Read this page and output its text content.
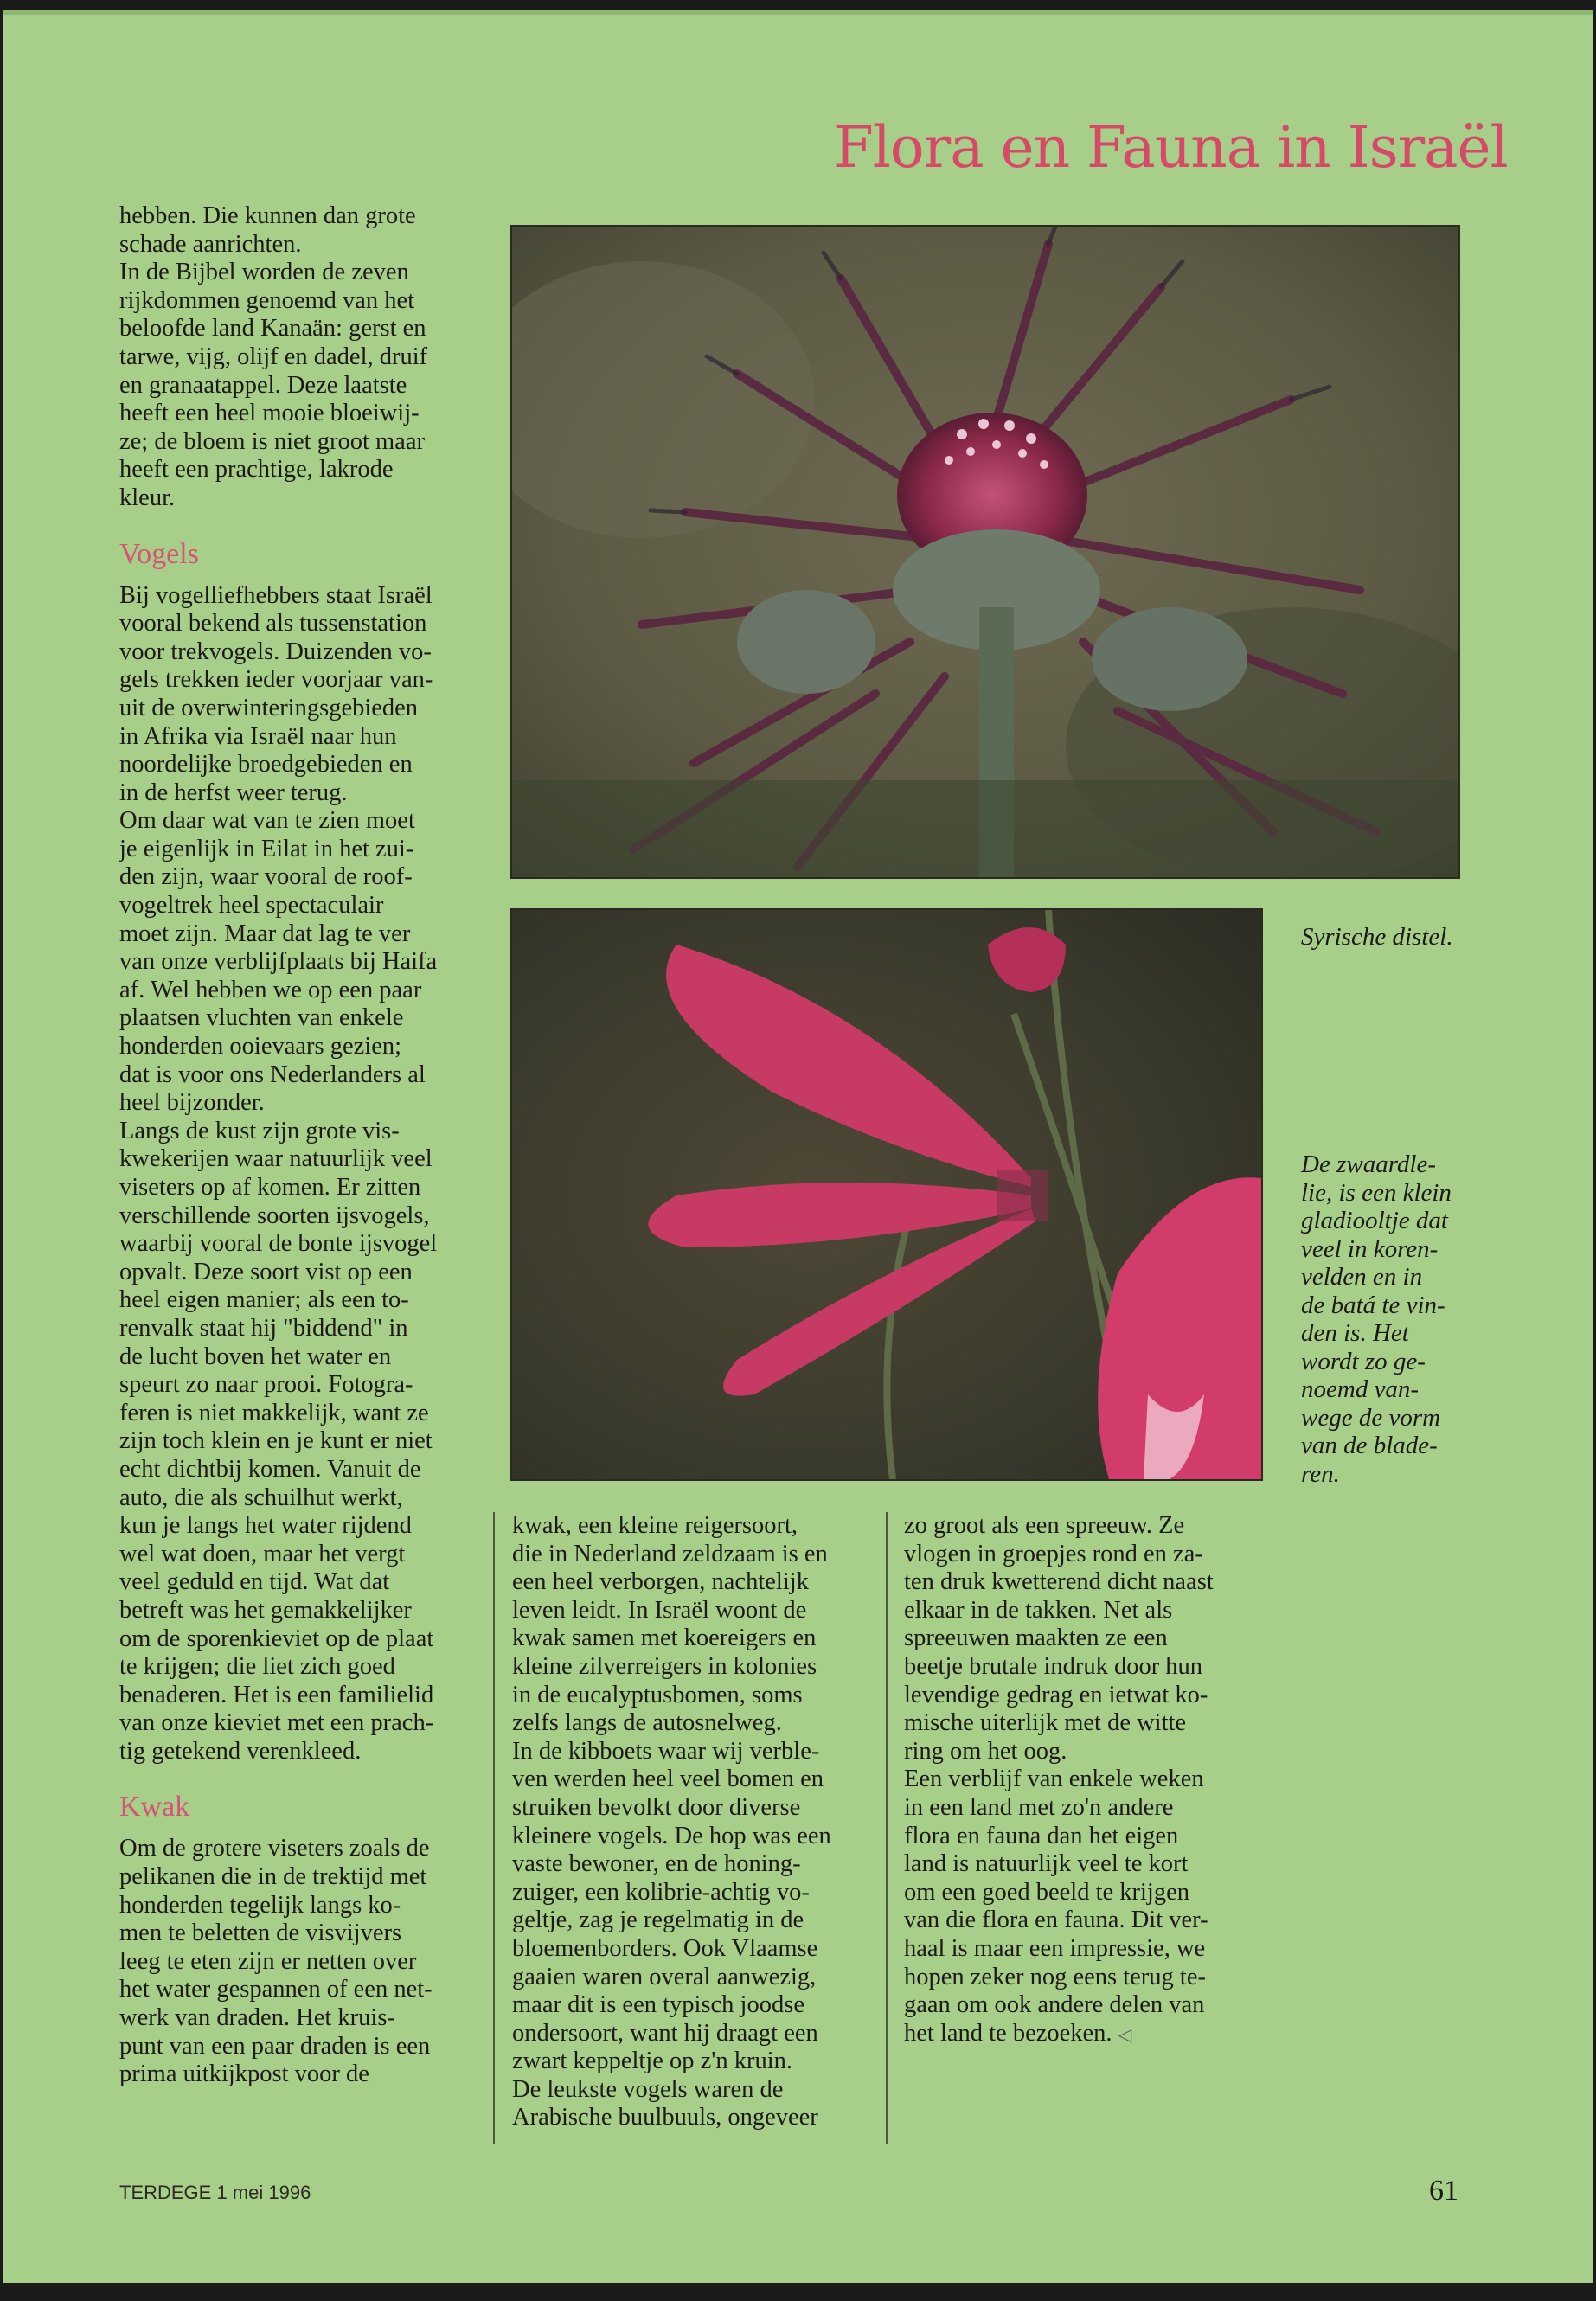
Flora en Fauna in Israël

hebben. Die kunnen dan grote
schade aanrichten.
In de Bijbel worden de zeven
rijkdommen genoemd van het
beloofde land Kanaän: gerst en
tarwe, vijg, olijf en dadel, druif
en granaatappel. Deze laatste
heeft een heel mooie bloeiwij-
ze; de bloem is niet groot maar
heeft een prachtige, lakrode
kleur.

Vogels

Bij vogelliefhebbers staat Israël
vooral bekend als tussenstation
voor trekvogels. Duizenden vo-
gels trekken ieder voorjaar van-
uit de overwinteringsgebieden
in Afrika via Israël naar hun
noordelijke broedgebieden en
in de herfst weer terug.
Om daar wat van te zien moet
je eigenlijk in Eilat in het zui-
den zijn, waar vooral de roof-
vogeltrek heel spectaculair
moet zijn. Maar dat lag te ver
van onze verblijfplaats bij Haifa
af. Wel hebben we op een paar
plaatsen vluchten van enkele
honderden ooievaars gezien;
dat is voor ons Nederlanders al
heel bijzonder.
Langs de kust zijn grote vis-
kwekerijen waar natuurlijk veel
viseters op af komen. Er zitten
verschillende soorten ijsvogels,
waarbij vooral de bonte ijsvogel
opvalt. Deze soort vist op een
heel eigen manier; als een to-
renvalk staat hij "biddend" in
de lucht boven het water en
speurt zo naar prooi. Fotogra-
feren is niet makkelijk, want ze
zijn toch klein en je kunt er niet
echt dichtbij komen. Vanuit de
auto, die als schuilhut werkt,
kun je langs het water rijdend
wel wat doen, maar het vergt
veel geduld en tijd. Wat dat
betreft was het gemakkelijker
om de sporenkieviet op de plaat
te krijgen; die liet zich goed
benaderen. Het is een familielid
van onze kieviet met een prach-
tig getekend verenkleed.

Kwak

Om de grotere viseters zoals de
pelikanen die in de trektijd met
honderden tegelijk langs ko-
men te beletten de visvijvers
leeg te eten zijn er netten over
het water gespannen of een net-
werk van draden. Het kruis-
punt van een paar draden is een
prima uitkijkpost voor de

Syrische distel.
De zwaardle-
lie, is een klein
gladiooltje dat
veel in koren-
velden en in
de batá te vin-
den is. Het
wordt zo ge-
noemd van-
wege de vorm
van de blade-
ren.

kwak, een kleine reigersoort,
die in Nederland zeldzaam is en
een heel verborgen, nachtelijk
leven leidt. In Israël woont de
kwak samen met koereigers en
kleine zilverreigers in kolonies
in de eucalyptusbomen, soms
zelfs langs de autosnelweg.
In de kibboets waar wij verble-
ven werden heel veel bomen en
struiken bevolkt door diverse
kleinere vogels. De hop was een
vaste bewoner, en de honing-
zuiger, een kolibrie-achtig vo-
geltje, zag je regelmatig in de
bloemenborders. Ook Vlaamse
gaaien waren overal aanwezig,
maar dit is een typisch joodse
ondersoort, want hij draagt een
zwart keppeltje op z'n kruin.
De leukste vogels waren de
Arabische buulbuuls, ongeveer

zo groot als een spreeuw. Ze
vlogen in groepjes rond en za-
ten druk kwetterend dicht naast
elkaar in de takken. Net als
spreeuwen maakten ze een
beetje brutale indruk door hun
levendige gedrag en ietwat ko-
mische uiterlijk met de witte
ring om het oog.
Een verblijf van enkele weken
in een land met zo'n andere
flora en fauna dan het eigen
land is natuurlijk veel te kort
om een goed beeld te krijgen
van die flora en fauna. Dit ver-
haal is maar een impressie, we
hopen zeker nog eens terug te-
gaan om ook andere delen van
het land te bezoeken. ◁

TERDEGE 1 mei 1996	61
